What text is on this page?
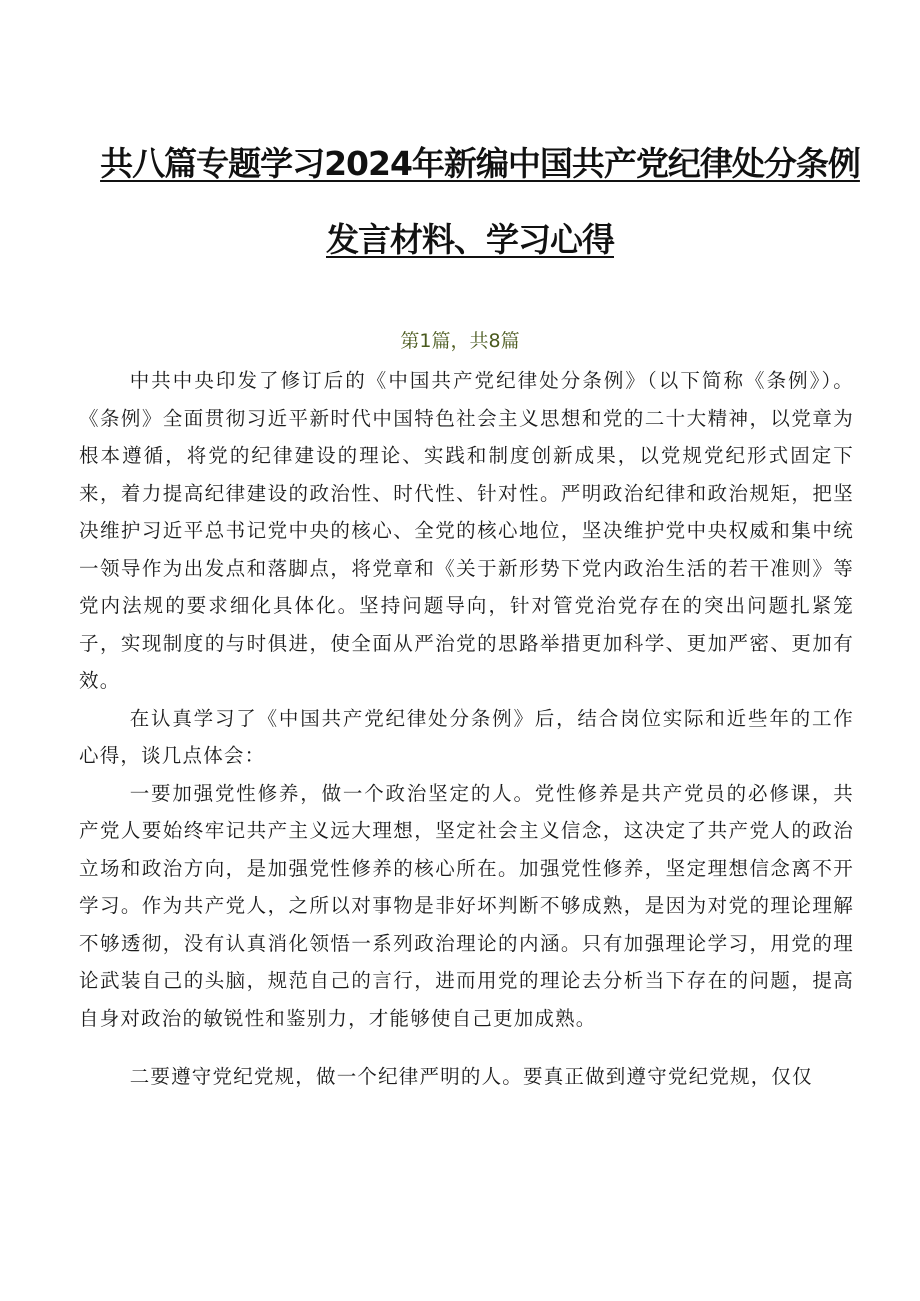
共八篇专题学习2024年新编中国共产党纪律处分条例
发言材料、学习心得
第1篇，共8篇

中共中央印发了修订后的《中国共产党纪律处分条例》（以下简称《条例》）。《条例》全面贯彻习近平新时代中国特色社会主义思想和党的二十大精神，以党章为根本遵循，将党的纪律建设的理论、实践和制度创新成果，以党规党纪形式固定下来，着力提高纪律建设的政治性、时代性、针对性。严明政治纪律和政治规矩，把坚决维护习近平总书记党中央的核心、全党的核心地位，坚决维护党中央权威和集中统一领导作为出发点和落脚点，将党章和《关于新形势下党内政治生活的若干准则》等党内法规的要求细化具体化。坚持问题导向，针对管党治党存在的突出问题扎紧笼子，实现制度的与时俱进，使全面从严治党的思路举措更加科学、更加严密、更加有效。

在认真学习了《中国共产党纪律处分条例》后，结合岗位实际和近些年的工作心得，谈几点体会：

一要加强党性修养，做一个政治坚定的人。党性修养是共产党员的必修课，共产党人要始终牢记共产主义远大理想，坚定社会主义信念，这决定了共产党人的政治立场和政治方向，是加强党性修养的核心所在。加强党性修养，坚定理想信念离不开学习。作为共产党人，之所以对事物是非好坏判断不够成熟，是因为对党的理论理解不够透彻，没有认真消化领悟一系列政治理论的内涵。只有加强理论学习，用党的理论武装自己的头脑，规范自己的言行，进而用党的理论去分析当下存在的问题，提高自身对政治的敏锐性和鉴别力，才能够使自己更加成熟。

二要遵守党纪党规，做一个纪律严明的人。要真正做到遵守党纪党规，仅仅
